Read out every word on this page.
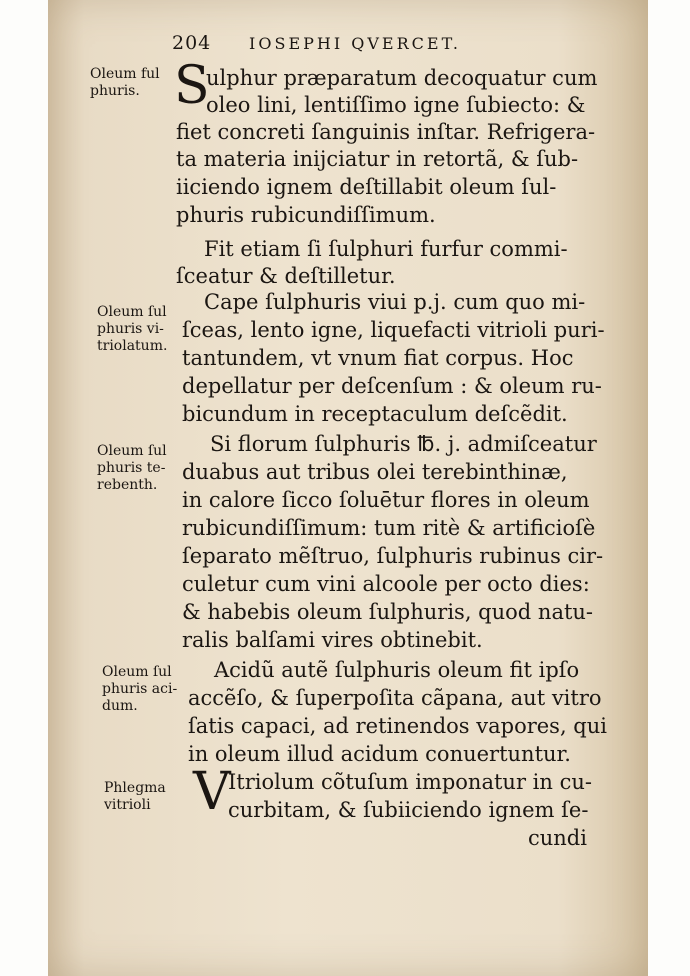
204 IOSEPHI QVERCET.
Oleum ful
phuris. S
ulphur præparatum decoquatur cum
oleo lini, lentiſſimo igne ſubiecto: &
fiet concreti ſanguinis inſtar. Refrigera-
ta materia inijciatur in retortã, & ſub-
iiciendo ignem deſtillabit oleum ſul-
phuris rubicundiſſimum.
Fit etiam ſi ſulphuri furfur commi-
ſceatur & deſtilletur.
Oleum ſul
phuris vi-
triolatum.
Cape ſulphuris viui p.j. cum quo mi-
ſceas, lento igne, liquefacti vitrioli puri-
tantundem, vt vnum fiat corpus. Hoc
depellatur per deſcenſum : & oleum ru-
bicundum in receptaculum deſcẽdit.
Oleum ſul
phuris te-
rebenth.
Si florum ſulphuris ℔. j. admiſceatur
duabus aut tribus olei terebinthinæ,
in calore ſicco ſoluētur flores in oleum
rubicundiſſimum: tum ritè & artificioſè
ſeparato mẽſtruo, ſulphuris rubinus cir-
culetur cum vini alcoole per octo dies:
& habebis oleum ſulphuris, quod natu-
ralis balſami vires obtinebit.
Oleum ſul
phuris aci-
dum.
Acidũ autẽ ſulphuris oleum fit ipſo
accẽſo, & ſuperpoſita cãpana, aut vitro
ſatis capaci, ad retinendos vapores, qui
in oleum illud acidum conuertuntur.
Phlegma
vitrioli V
Itriolum cõtuſum imponatur in cu-
curbitam, & ſubiiciendo ignem ſe-
cundi
